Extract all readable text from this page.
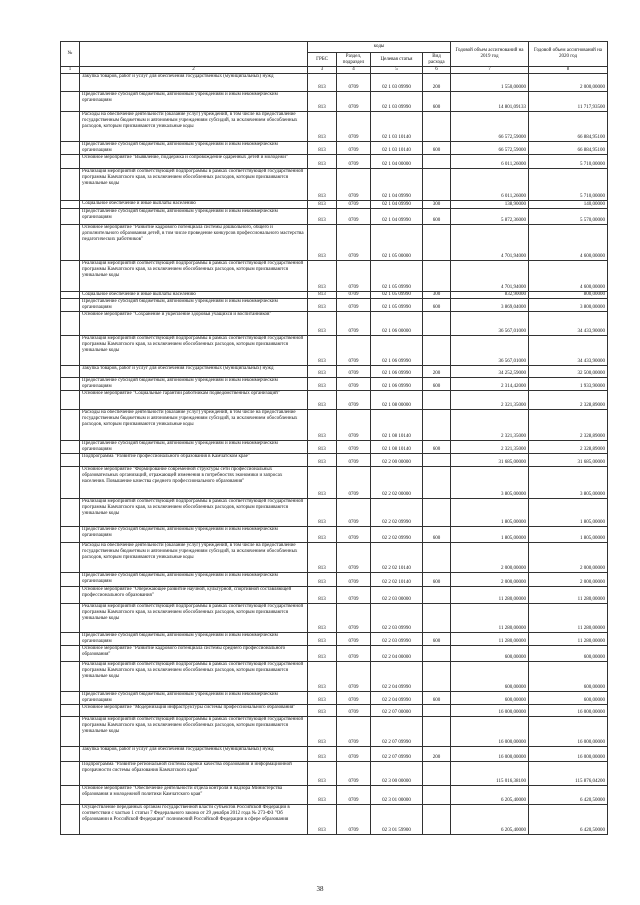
№		коды				Годовой объем ассигнований на 2019 год	Годовой объем ассигнований на 2020 год
		ГРБС	Раздел, подраздел	Целевая статья	Вид расхода		
1	2	3	4	5	6	7	8
	Закупка товаров, работ и услуг для обеспечения государственных (муниципальных) нужд	813	0709	02 1 03 09990	200	1 550,00000	2 000,00000
	Предоставление субсидий бюджетным, автономным учреждениям и иным некоммерческим организациям	813	0709	02 1 03 09990	600	14 801,09133	11 717,93500
	Расходы на обеспечение деятельности (оказание услуг) учреждений, в том числе на предоставление государственным бюджетным и автономным учреждениям субсидий, за исключением обособленных расходов, которым присваиваются уникальные коды	813	0709	02 1 03 10140		66 572,59000	66 884,95100
	Предоставление субсидий бюджетным, автономным учреждениям и иным некоммерческим организациям	813	0709	02 1 03 10140	600	66 572,59000	66 884,95100
	Основное мероприятие "Выявление, поддержка и сопровождение одаренных детей и молодежи"	813	0709	02 1 04 00000		6 011,26000	5 710,00000
	Реализация мероприятий соответствующей подпрограммы в рамках соответствующей государственной программы Камчатского края, за исключением обособленных расходов, которым присваиваются уникальные коды	813	0709	02 1 04 09990		6 011,26000	5 710,00000
	Социальное обеспечение и иные выплаты населению	813	0709	02 1 04 09990	300	138,90000	140,00000
	Предоставление субсидий бюджетным, автономным учреждениям и иным некоммерческим организациям	813	0709	02 1 04 09990	600	5 872,36000	5 570,00000
	Основное мероприятие "Развитие кадрового потенциала системы дошкольного, общего и дополнительного образования детей, в том числе проведение конкурсов профессионального мастерства педагогических работников"	813	0709	02 1 05 00000		4 701,94000	4 600,00000
	Реализация мероприятий соответствующей подпрограммы в рамках соответствующей государственной программы Камчатского края, за исключением обособленных расходов, которым присваиваются уникальные коды	813	0709	02 1 05 09990		4 701,94000	4 600,00000
	Социальное обеспечение и иные выплаты населению	813	0709	02 1 05 09990	300	832,90000	800,00000
	Предоставление субсидий бюджетным, автономным учреждениям и иным некоммерческим организациям	813	0709	02 1 05 09990	600	3 869,04000	3 800,00000
	Основное мероприятие "Сохранение и укрепление здоровья учащихся и воспитанников"	813	0709	02 1 06 00000		36 567,01000	34 433,90000
	Реализация мероприятий соответствующей подпрограммы в рамках соответствующей государственной программы Камчатского края, за исключением обособленных расходов, которым присваиваются уникальные коды	813	0709	02 1 06 09990		36 567,01000	34 433,90000
	Закупка товаров, работ и услуг для обеспечения государственных (муниципальных) нужд	813	0709	02 1 06 09990	200	34 252,59000	32 500,00000
	Предоставление субсидий бюджетным, автономным учреждениям и иным некоммерческим организациям	813	0709	02 1 06 09990	600	2 314,42000	1 933,90000
	Основное мероприятие "Социальные гарантии работникам подведомственных организаций"	813	0709	02 1 08 00000		2 321,35000	2 328,89000
	Расходы на обеспечение деятельности (оказание услуг) учреждений, в том числе на предоставление государственным бюджетным и автономным учреждениям субсидий, за исключением обособленных расходов, которым присваиваются уникальные коды	813	0709	02 1 08 10140		2 321,35000	2 328,89000
	Предоставление субсидий бюджетным, автономным учреждениям и иным некоммерческим организациям	813	0709	02 1 08 10140	600	2 321,35000	2 328,89000
	Подпрограмма "Развитие профессионального образования в Камчатском крае"	813	0709	02 2 00 00000		31 685,00000	31 685,00000
	Основное мероприятие "Формирование современной структуры сети профессиональных образовательных организаций, отражающей изменения в потребностях экономики и запросах населения. Повышение качества среднего профессионального образования"	813	0709	02 2 02 00000		3 805,00000	3 805,00000
	Реализация мероприятий соответствующей подпрограммы в рамках соответствующей государственной программы Камчатского края, за исключением обособленных расходов, которым присваиваются уникальные коды	813	0709	02 2 02 09990		1 805,00000	1 805,00000
	Предоставление субсидий бюджетным, автономным учреждениям и иным некоммерческим организациям	813	0709	02 2 02 09990	600	1 805,00000	1 805,00000
	Расходы на обеспечение деятельности (оказание услуг) учреждений, в том числе на предоставление государственным бюджетным и автономным учреждениям субсидий, за исключением обособленных расходов, которым присваиваются уникальные коды	813	0709	02 2 02 10140		2 000,00000	2 000,00000
	Предоставление субсидий бюджетным, автономным учреждениям и иным некоммерческим организациям	813	0709	02 2 02 10140	600	2 000,00000	2 000,00000
	Основное мероприятие "Опережающее развитие научной, культурной, спортивной составляющей профессионального образования"	813	0709	02 2 03 00000		11 280,00000	11 280,00000
	Реализация мероприятий соответствующей подпрограммы в рамках соответствующей государственной программы Камчатского края, за исключением обособленных расходов, которым присваиваются уникальные коды	813	0709	02 2 03 09990		11 280,00000	11 280,00000
	Предоставление субсидий бюджетным, автономным учреждениям и иным некоммерческим организациям	813	0709	02 2 03 09990	600	11 280,00000	11 280,00000
	Основное мероприятие "Развитие кадрового потенциала системы среднего профессионального образования"	813	0709	02 2 04 00000		600,00000	600,00000
	Реализация мероприятий соответствующей подпрограммы в рамках соответствующей государственной программы Камчатского края, за исключением обособленных расходов, которым присваиваются уникальные коды	813	0709	02 2 04 09990		600,00000	600,00000
	Предоставление субсидий бюджетным, автономным учреждениям и иным некоммерческим организациям	813	0709	02 2 04 09990	600	600,00000	600,00000
	Основное мероприятие "Модернизация инфраструктуры системы профессионального образования"	813	0709	02 2 07 00000		16 000,00000	16 000,00000
	Реализация мероприятий соответствующей подпрограммы в рамках соответствующей государственной программы Камчатского края, за исключением обособленных расходов, которым присваиваются уникальные коды	813	0709	02 2 07 09990		16 000,00000	16 000,00000
	Закупка товаров, работ и услуг для обеспечения государственных (муниципальных) нужд	813	0709	02 2 07 09990	200	16 000,00000	16 000,00000
	Подпрограмма "Развитие региональной системы оценки качества образования и информационной прозрачности системы образования Камчатского края"	813	0709	02 3 00 00000		115 016,38100	115 876,04200
	Основное мероприятие "Обеспечение деятельности отдела контроля и надзора Министерства образования и молодежной политики Камчатского края"	813	0709	02 3 01 00000		6 205,40000	6 420,50000
	Осуществление переданных органам государственной власти субъектов Российской Федерации в соответствии с частью 1 статьи 7 Федерального закона от 29 декабря 2012 года № 273-ФЗ "Об образовании в Российской Федерации" полномочий Российской Федерации в сфере образования	813	0709	02 3 01 59900		6 205,40000	6 420,50000
38
